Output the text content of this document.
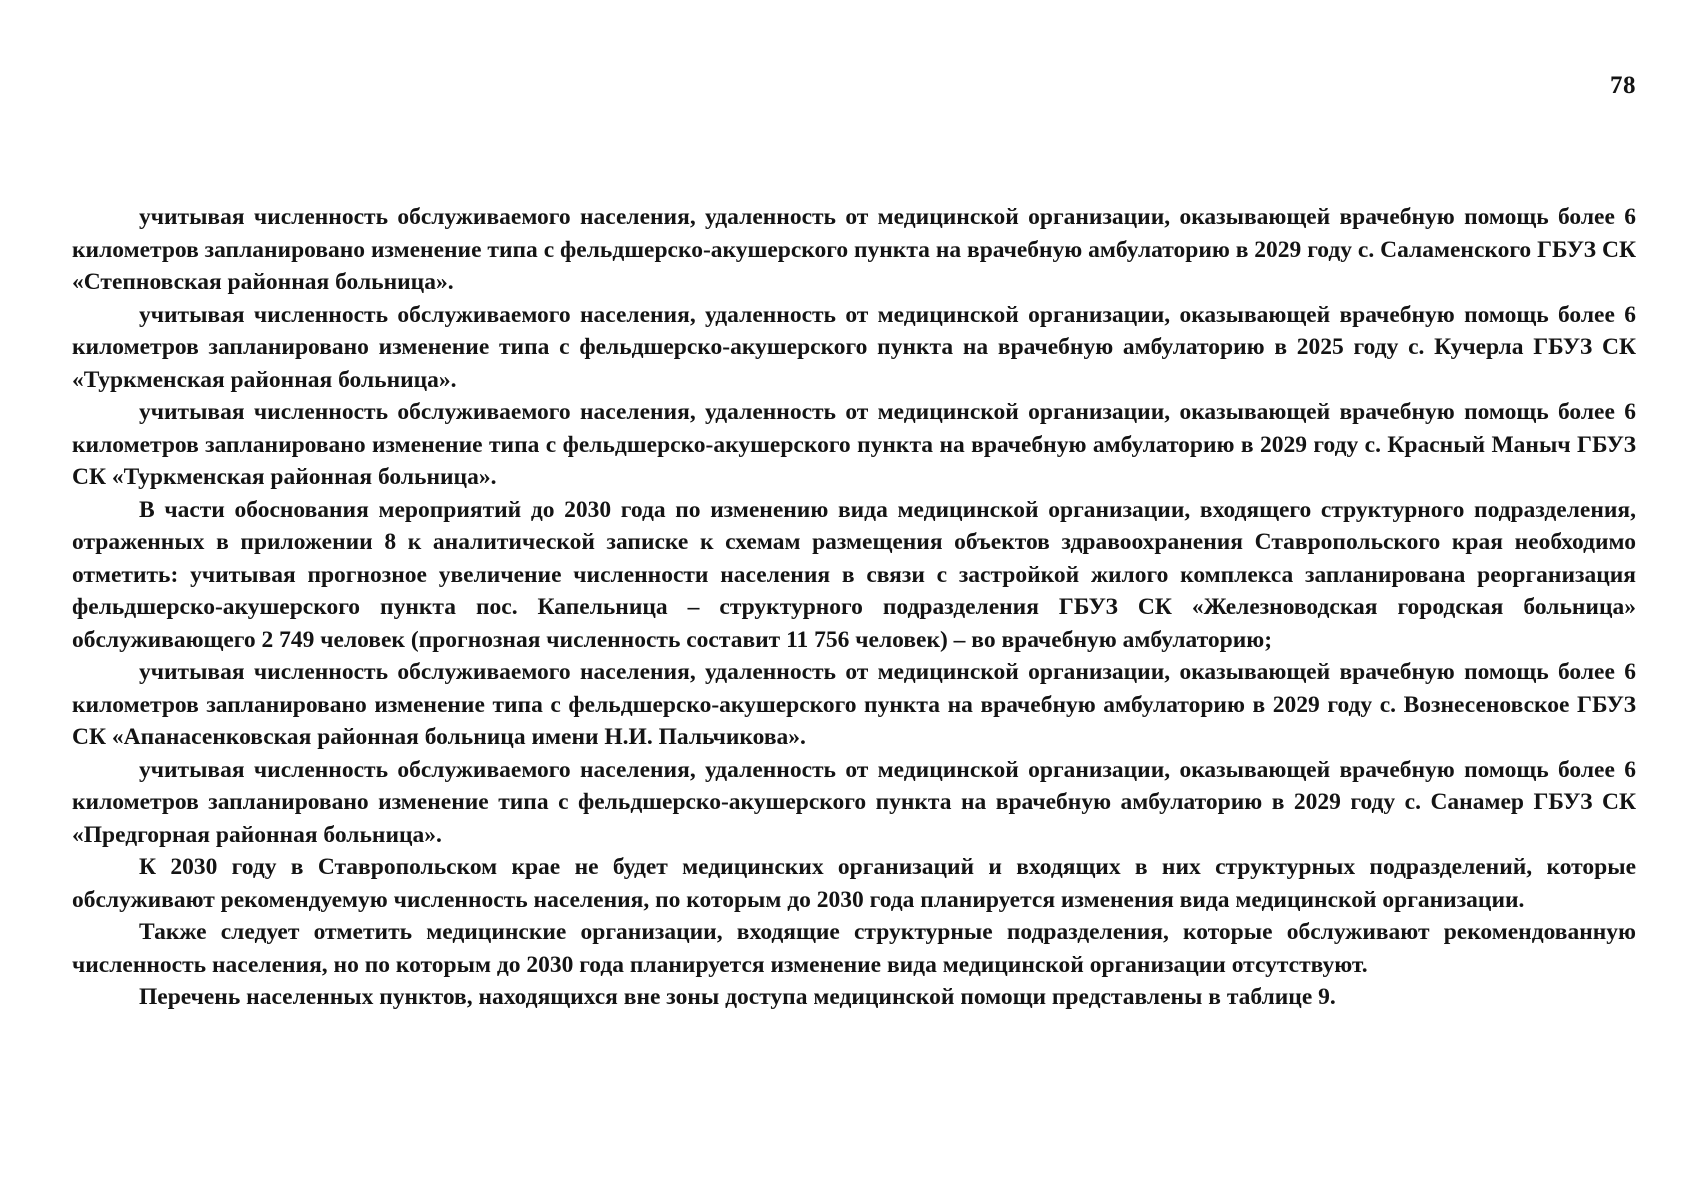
78

учитывая численность обслуживаемого населения, удаленность от медицинской организации, оказывающей врачебную помощь более 6 километров запланировано изменение типа с фельдшерско-акушерского пункта на врачебную амбулаторию в 2029 году с. Саламенского ГБУЗ СК «Степновская районная больница».

учитывая численность обслуживаемого населения, удаленность от медицинской организации, оказывающей врачебную помощь более 6 километров запланировано изменение типа с фельдшерско-акушерского пункта на врачебную амбулаторию в 2025 году с. Кучерла ГБУЗ СК «Туркменская районная больница».

учитывая численность обслуживаемого населения, удаленность от медицинской организации, оказывающей врачебную помощь более 6 километров запланировано изменение типа с фельдшерско-акушерского пункта на врачебную амбулаторию в 2029 году с. Красный Маныч ГБУЗ СК «Туркменская районная больница».

В части обоснования мероприятий до 2030 года по изменению вида медицинской организации, входящего структурного подразделения, отраженных в приложении 8 к аналитической записке к схемам размещения объектов здравоохранения Ставропольского края необходимо отметить: учитывая прогнозное увеличение численности населения в связи с застройкой жилого комплекса запланирована реорганизация фельдшерско-акушерского пункта пос. Капельница – структурного подразделения ГБУЗ СК «Железноводская городская больница» обслуживающего 2 749 человек (прогнозная численность составит 11 756 человек) – во врачебную амбулаторию;

учитывая численность обслуживаемого населения, удаленность от медицинской организации, оказывающей врачебную помощь более 6 километров запланировано изменение типа с фельдшерско-акушерского пункта на врачебную амбулаторию в 2029 году с. Вознесеновское ГБУЗ СК «Апанасенковская районная больница имени Н.И. Пальчикова».

учитывая численность обслуживаемого населения, удаленность от медицинской организации, оказывающей врачебную помощь более 6 километров запланировано изменение типа с фельдшерско-акушерского пункта на врачебную амбулаторию в 2029 году с. Санамер ГБУЗ СК «Предгорная районная больница».

К 2030 году в Ставропольском крае не будет медицинских организаций и входящих в них структурных подразделений, которые обслуживают рекомендуемую численность населения, по которым до 2030 года планируется изменения вида медицинской организации.

Также следует отметить медицинские организации, входящие структурные подразделения, которые обслуживают рекомендованную численность населения, но по которым до 2030 года планируется изменение вида медицинской организации отсутствуют.

Перечень населенных пунктов, находящихся вне зоны доступа медицинской помощи представлены в таблице 9.
